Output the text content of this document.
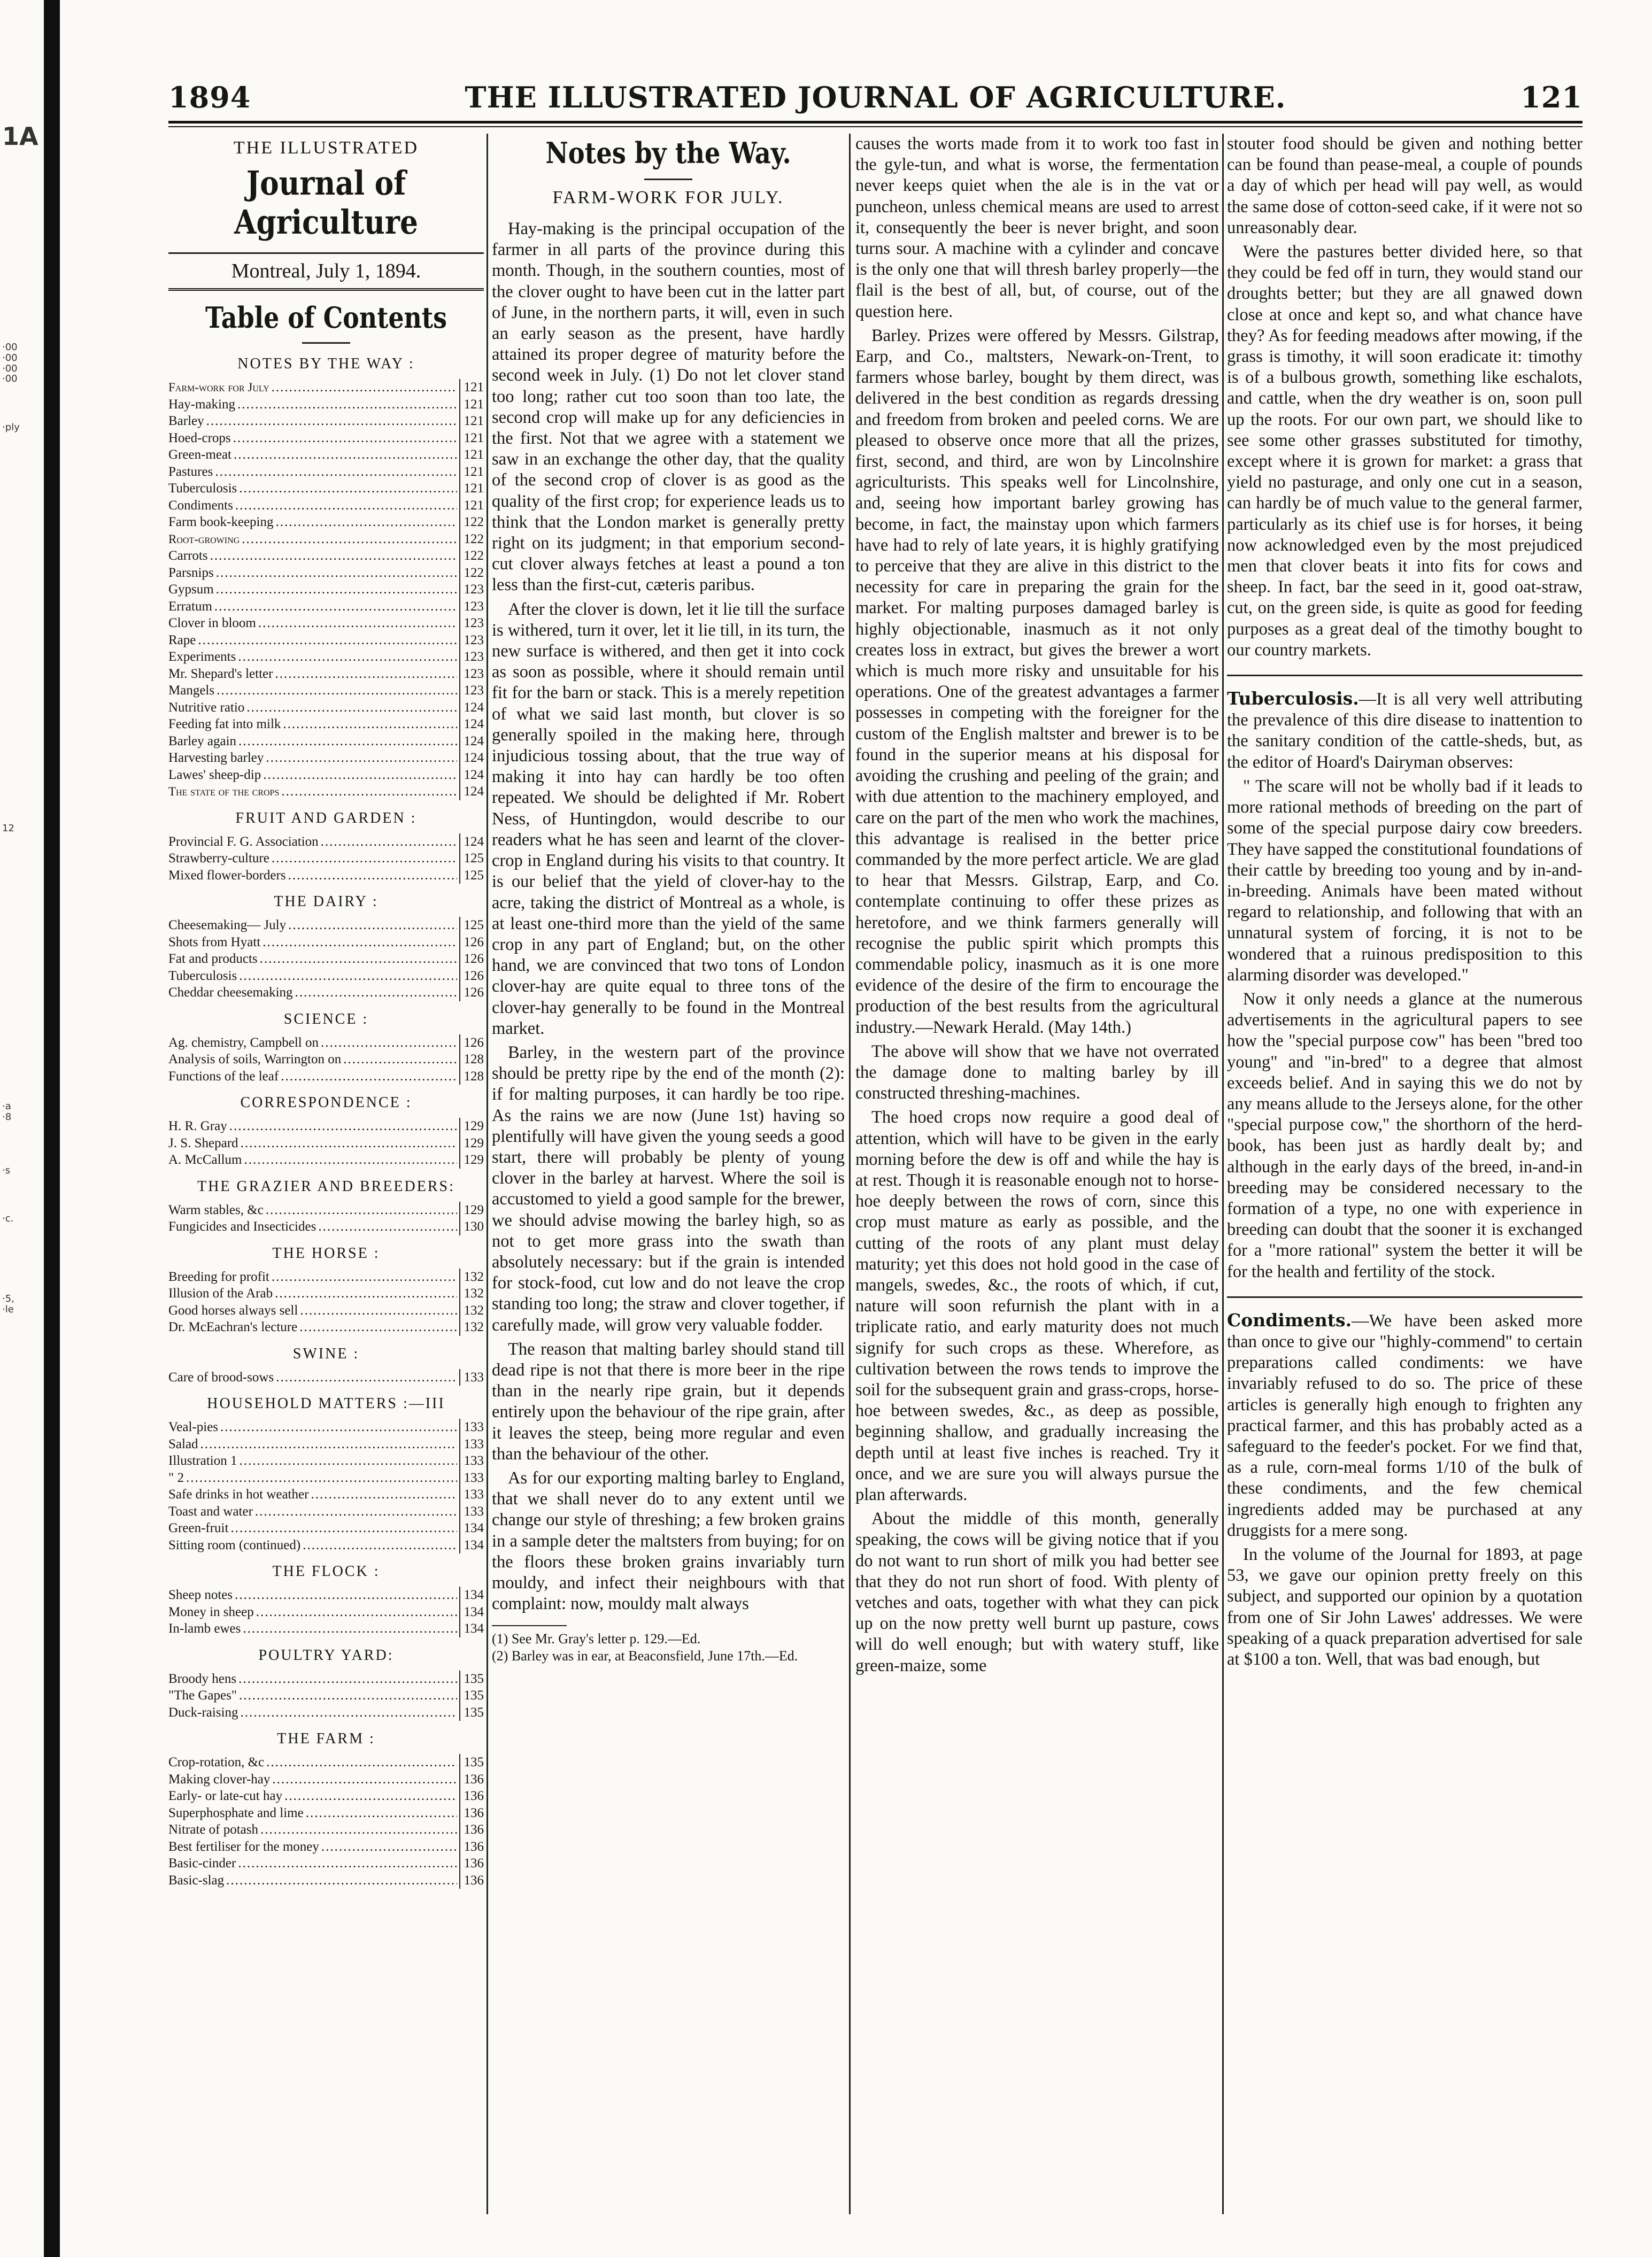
1A
·00
·00
·00
·00
·ply
12
·a
·8
·s
·c.
·5,
·le
1894	THE ILLUSTRATED JOURNAL OF AGRICULTURE.	121
THE ILLUSTRATED
Journal of Agriculture
Montreal, July 1, 1894.
Table of Contents
NOTES BY THE WAY :
Farm-work for July .....	121
Hay-making .....	121
Barley .....	121
Hoed-crops .....	121
Green-meat .....	121
Pastures .....	121
Tuberculosis .....	121
Condiments .....	121
Farm book-keeping .....	122
Root-growing .....	122
Carrots .....	122
Parsnips .....	122
Gypsum .....	123
Erratum .....	123
Clover in bloom .....	123
Rape .....	123
Experiments .....	123
Mr. Shepard's letter .....	123
Mangels .....	123
Nutritive ratio .....	124
Feeding fat into milk .....	124
Barley again .....	124
Harvesting barley .....	124
Lawes' sheep-dip .....	124
The state of the crops .....	124
FRUIT AND GARDEN :
Provincial F. G. Association .....	124
Strawberry-culture .....	125
Mixed flower-borders .....	125
THE DAIRY :
Cheesemaking— July .....	125
Shots from Hyatt .....	126
Fat and products .....	126
Tuberculosis .....	126
Cheddar cheesemaking .....	126
SCIENCE :
Ag. chemistry, Campbell on .....	126
Analysis of soils, Warrington on .....	128
Functions of the leaf .....	128
CORRESPONDENCE :
H. R. Gray .....	129
J. S. Shepard .....	129
A. McCallum .....	129
THE GRAZIER AND BREEDERS:
Warm stables, &c .....	129
Fungicides and Insecticides .....	130
THE HORSE :
Breeding for profit .....	132
Illusion of the Arab .....	132
Good horses always sell .....	132
Dr. McEachran's lecture .....	132
SWINE :
Care of brood-sows .....	133
HOUSEHOLD MATTERS :—III
Veal-pies .....	133
Salad .....	133
Illustration 1 .....	133
" 2 .....	133
Safe drinks in hot weather .....	133
Toast and water .....	133
Green-fruit .....	134
Sitting room (continued) .....	134
THE FLOCK :
Sheep notes .....	134
Money in sheep .....	134
In-lamb ewes .....	134
POULTRY YARD:
Broody hens .....	135
"The Gapes" .....	135
Duck-raising .....	135
THE FARM :
Crop-rotation, &c .....	135
Making clover-hay .....	136
Early- or late-cut hay .....	136
Superphosphate and lime .....	136
Nitrate of potash .....	136
Best fertiliser for the money .....	136
Basic-cinder .....	136
Basic-slag .....	136
Notes by the Way.
FARM-WORK FOR JULY.

Hay-making is the principal occupation of the farmer in all parts of the province during this month. Though, in the southern counties, most of the clover ought to have been cut in the latter part of June, in the northern parts, it will, even in such an early season as the present, have hardly attained its proper degree of maturity before the second week in July. (1) Do not let clover stand too long; rather cut too soon than too late, the second crop will make up for any deficiencies in the first. Not that we agree with a statement we saw in an exchange the other day, that the quality of the second crop of clover is as good as the quality of the first crop; for experience leads us to think that the London market is generally pretty right on its judgment; in that emporium second-cut clover always fetches at least a pound a ton less than the first-cut, cæteris paribus.

After the clover is down, let it lie till the surface is withered, turn it over, let it lie till, in its turn, the new surface is withered, and then get it into cock as soon as possible, where it should remain until fit for the barn or stack. This is a merely repetition of what we said last month, but clover is so generally spoiled in the making here, through injudicious tossing about, that the true way of making it into hay can hardly be too often repeated. We should be delighted if Mr. Robert Ness, of Huntingdon, would describe to our readers what he has seen and learnt of the clover-crop in England during his visits to that country. It is our belief that the yield of clover-hay to the acre, taking the district of Montreal as a whole, is at least one-third more than the yield of the same crop in any part of England; but, on the other hand, we are convinced that two tons of London clover-hay are quite equal to three tons of the clover-hay generally to be found in the Montreal market.

Barley, in the western part of the province should be pretty ripe by the end of the month (2): if for malting purposes, it can hardly be too ripe. As the rains we are now (June 1st) having so plentifully will have given the young seeds a good start, there will probably be plenty of young clover in the barley at harvest. Where the soil is accustomed to yield a good sample for the brewer, we should advise mowing the barley high, so as not to get more grass into the swath than absolutely necessary: but if the grain is intended for stock-food, cut low and do not leave the crop standing too long; the straw and clover together, if carefully made, will grow very valuable fodder.

The reason that malting barley should stand till dead ripe is not that there is more beer in the ripe than in the nearly ripe grain, but it depends entirely upon the behaviour of the ripe grain, after it leaves the steep, being more regular and even than the behaviour of the other.

As for our exporting malting barley to England, that we shall never do to any extent until we change our style of threshing; a few broken grains in a sample deter the maltsters from buying; for on the floors these broken grains invariably turn mouldy, and infect their neighbours with that complaint: now, mouldy malt always

(1) See Mr. Gray's letter p. 129.—Ed.

(2) Barley was in ear, at Beaconsfield, June 17th.—Ed.

causes the worts made from it to work too fast in the gyle-tun, and what is worse, the fermentation never keeps quiet when the ale is in the vat or puncheon, unless chemical means are used to arrest it, consequently the beer is never bright, and soon turns sour. A machine with a cylinder and concave is the only one that will thresh barley properly—the flail is the best of all, but, of course, out of the question here.

Barley. Prizes were offered by Messrs. Gilstrap, Earp, and Co., maltsters, Newark-on-Trent, to farmers whose barley, bought by them direct, was delivered in the best condition as regards dressing and freedom from broken and peeled corns. We are pleased to observe once more that all the prizes, first, second, and third, are won by Lincolnshire agriculturists. This speaks well for Lincolnshire, and, seeing how important barley growing has become, in fact, the mainstay upon which farmers have had to rely of late years, it is highly gratifying to perceive that they are alive in this district to the necessity for care in preparing the grain for the market. For malting purposes damaged barley is highly objectionable, inasmuch as it not only creates loss in extract, but gives the brewer a wort which is much more risky and unsuitable for his operations. One of the greatest advantages a farmer possesses in competing with the foreigner for the custom of the English maltster and brewer is to be found in the superior means at his disposal for avoiding the crushing and peeling of the grain; and with due attention to the machinery employed, and care on the part of the men who work the machines, this advantage is realised in the better price commanded by the more perfect article. We are glad to hear that Messrs. Gilstrap, Earp, and Co. contemplate continuing to offer these prizes as heretofore, and we think farmers generally will recognise the public spirit which prompts this commendable policy, inasmuch as it is one more evidence of the desire of the firm to encourage the production of the best results from the agricultural industry.—Newark Herald. (May 14th.)

The above will show that we have not overrated the damage done to malting barley by ill constructed threshing-machines.

The hoed crops now require a good deal of attention, which will have to be given in the early morning before the dew is off and while the hay is at rest. Though it is reasonable enough not to horse-hoe deeply between the rows of corn, since this crop must mature as early as possible, and the cutting of the roots of any plant must delay maturity; yet this does not hold good in the case of mangels, swedes, &c., the roots of which, if cut, nature will soon refurnish the plant with in a triplicate ratio, and early maturity does not much signify for such crops as these. Wherefore, as cultivation between the rows tends to improve the soil for the subsequent grain and grass-crops, horse-hoe between swedes, &c., as deep as possible, beginning shallow, and gradually increasing the depth until at least five inches is reached. Try it once, and we are sure you will always pursue the plan afterwards.

About the middle of this month, generally speaking, the cows will be giving notice that if you do not want to run short of milk you had better see that they do not run short of food. With plenty of vetches and oats, together with what they can pick up on the now pretty well burnt up pasture, cows will do well enough; but with watery stuff, like green-maize, some

stouter food should be given and nothing better can be found than pease-meal, a couple of pounds a day of which per head will pay well, as would the same dose of cotton-seed cake, if it were not so unreasonably dear.

Were the pastures better divided here, so that they could be fed off in turn, they would stand our droughts better; but they are all gnawed down close at once and kept so, and what chance have they? As for feeding meadows after mowing, if the grass is timothy, it will soon eradicate it: timothy is of a bulbous growth, something like eschalots, and cattle, when the dry weather is on, soon pull up the roots. For our own part, we should like to see some other grasses substituted for timothy, except where it is grown for market: a grass that yield no pasturage, and only one cut in a season, can hardly be of much value to the general farmer, particularly as its chief use is for horses, it being now acknowledged even by the most prejudiced men that clover beats it into fits for cows and sheep. In fact, bar the seed in it, good oat-straw, cut, on the green side, is quite as good for feeding purposes as a great deal of the timothy bought to our country markets.

Tuberculosis.—It is all very well attributing the prevalence of this dire disease to inattention to the sanitary condition of the cattle-sheds, but, as the editor of Hoard's Dairyman observes:

" The scare will not be wholly bad if it leads to more rational methods of breeding on the part of some of the special purpose dairy cow breeders. They have sapped the constitutional foundations of their cattle by breeding too young and by in-and-in-breeding. Animals have been mated without regard to relationship, and following that with an unnatural system of forcing, it is not to be wondered that a ruinous predisposition to this alarming disorder was developed."

Now it only needs a glance at the numerous advertisements in the agricultural papers to see how the "special purpose cow" has been "bred too young" and "in-bred" to a degree that almost exceeds belief. And in saying this we do not by any means allude to the Jerseys alone, for the other "special purpose cow," the shorthorn of the herd-book, has been just as hardly dealt by; and although in the early days of the breed, in-and-in breeding may be considered necessary to the formation of a type, no one with experience in breeding can doubt that the sooner it is exchanged for a "more rational" system the better it will be for the health and fertility of the stock.

Condiments.—We have been asked more than once to give our "highly-commend" to certain preparations called condiments: we have invariably refused to do so. The price of these articles is generally high enough to frighten any practical farmer, and this has probably acted as a safeguard to the feeder's pocket. For we find that, as a rule, corn-meal forms 1/10 of the bulk of these condiments, and the few chemical ingredients added may be purchased at any druggists for a mere song.

In the volume of the Journal for 1893, at page 53, we gave our opinion pretty freely on this subject, and supported our opinion by a quotation from one of Sir John Lawes' addresses. We were speaking of a quack preparation advertised for sale at $100 a ton. Well, that was bad enough, but
